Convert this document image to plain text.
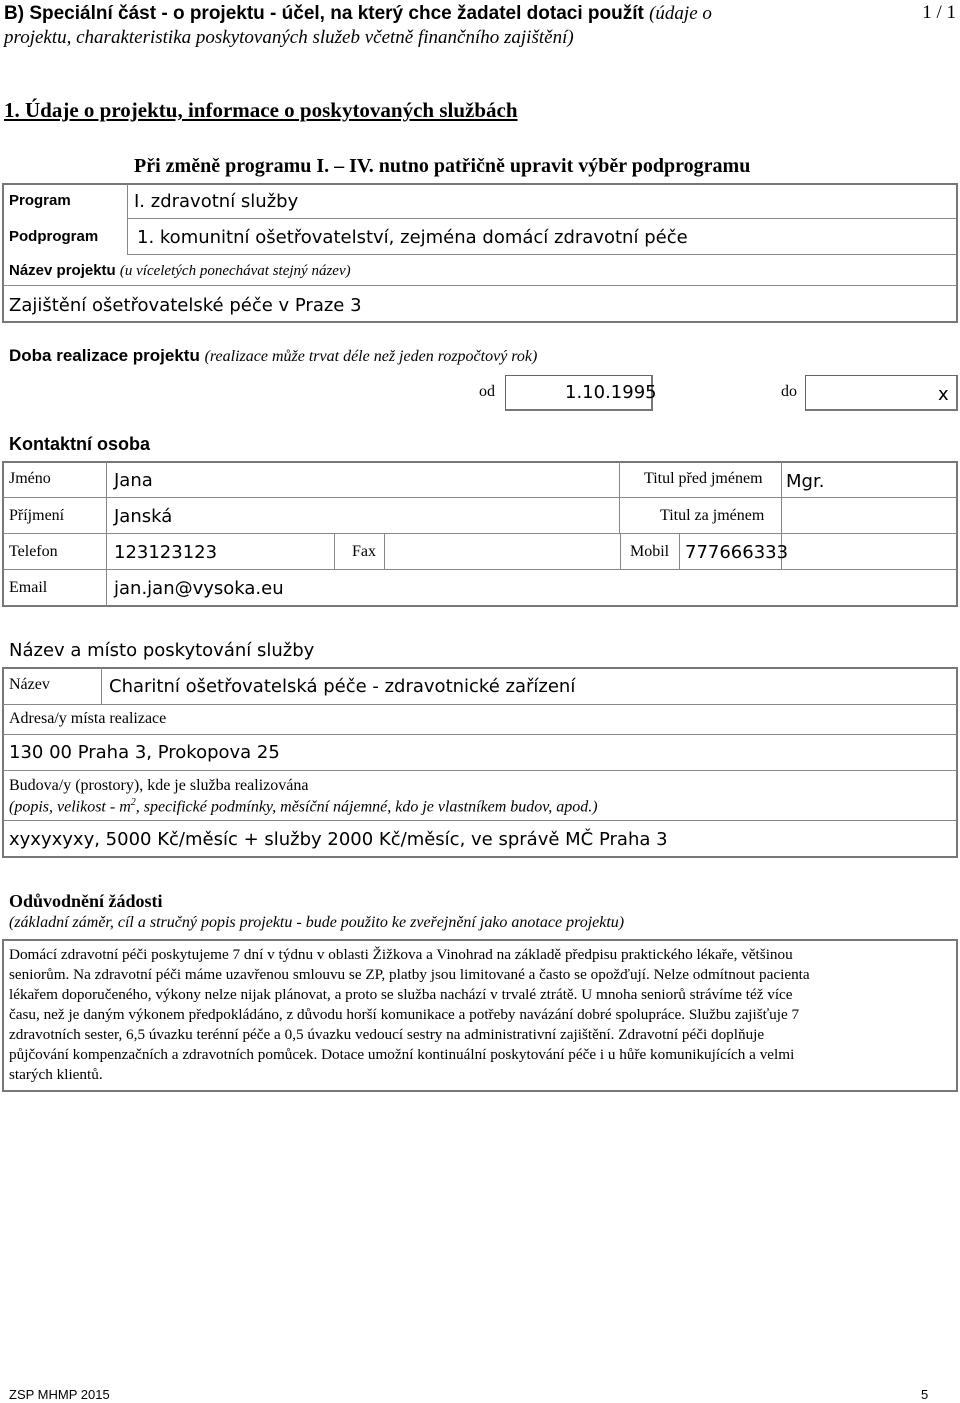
B) Speciální část - o projektu - účel, na který chce žadatel dotaci použít (údaje o
projektu, charakteristika poskytovaných služeb včetně finančního zajištění)
1 / 1
1. Údaje o projektu, informace o poskytovaných službách
Při změně programu I. – IV. nutno patřičně upravit výběr podprogramu
Program	I. zdravotní služby
Podprogram 1. komunitní ošetřovatelství, zejména domácí zdravotní péče
Název projektu (u víceletých ponechávat stejný název)
Zajištění ošetřovatelské péče v Praze 3
Doba realizace projektu (realizace může trvat déle než jeden rozpočtový rok)
od	1.10.1995	do	x
Kontaktní osoba
Jméno	Jana	Titul před jménem Mgr.
Příjmení	Janská	Titul za jménem
Telefon	123123123	Fax	Mobil 777666333
Email	jan.jan@vysoka.eu
Název a místo poskytování služby
Název	Charitní ošetřovatelská péče - zdravotnické zařízení
Adresa/y místa realizace
130 00 Praha 3, Prokopova 25
Budova/y (prostory), kde je služba realizována
(popis, velikost - $m^2$, specifické podmínky, měsíční nájemné, kdo je vlastníkem budov, apod.)
xyxyxyxy, 5000 Kč/měsíc + služby 2000 Kč/měsíc, ve správě MČ Praha 3
Odůvodnění žádosti
(základní záměr, cíl a stručný popis projektu - bude použito ke zveřejnění jako anotace projektu)
Domácí zdravotní péči poskytujeme 7 dní v týdnu v oblasti Žižkova a Vinohrad na základě předpisu praktického lékaře, většinou
seniorům. Na zdravotní péči máme uzavřenou smlouvu se ZP, platby jsou limitované a často se opožďují. Nelze odmítnout pacienta
lékařem doporučeného, výkony nelze nijak plánovat, a proto se služba nachází v trvalé ztrátě. U mnoha seniorů strávíme též více
času, než je daným výkonem předpokládáno, z důvodu horší komunikace a potřeby navázání dobré spolupráce. Službu zajišťuje 7
zdravotních sester, 6,5 úvazku terénní péče a 0,5 úvazku vedoucí sestry na administrativní zajištění. Zdravotní péči doplňuje
půjčování kompenzačních a zdravotních pomůcek. Dotace umožní kontinuální poskytování péče i u hůře komunikujících a velmi
starých klientů.
ZSP MHMP 2015	5
